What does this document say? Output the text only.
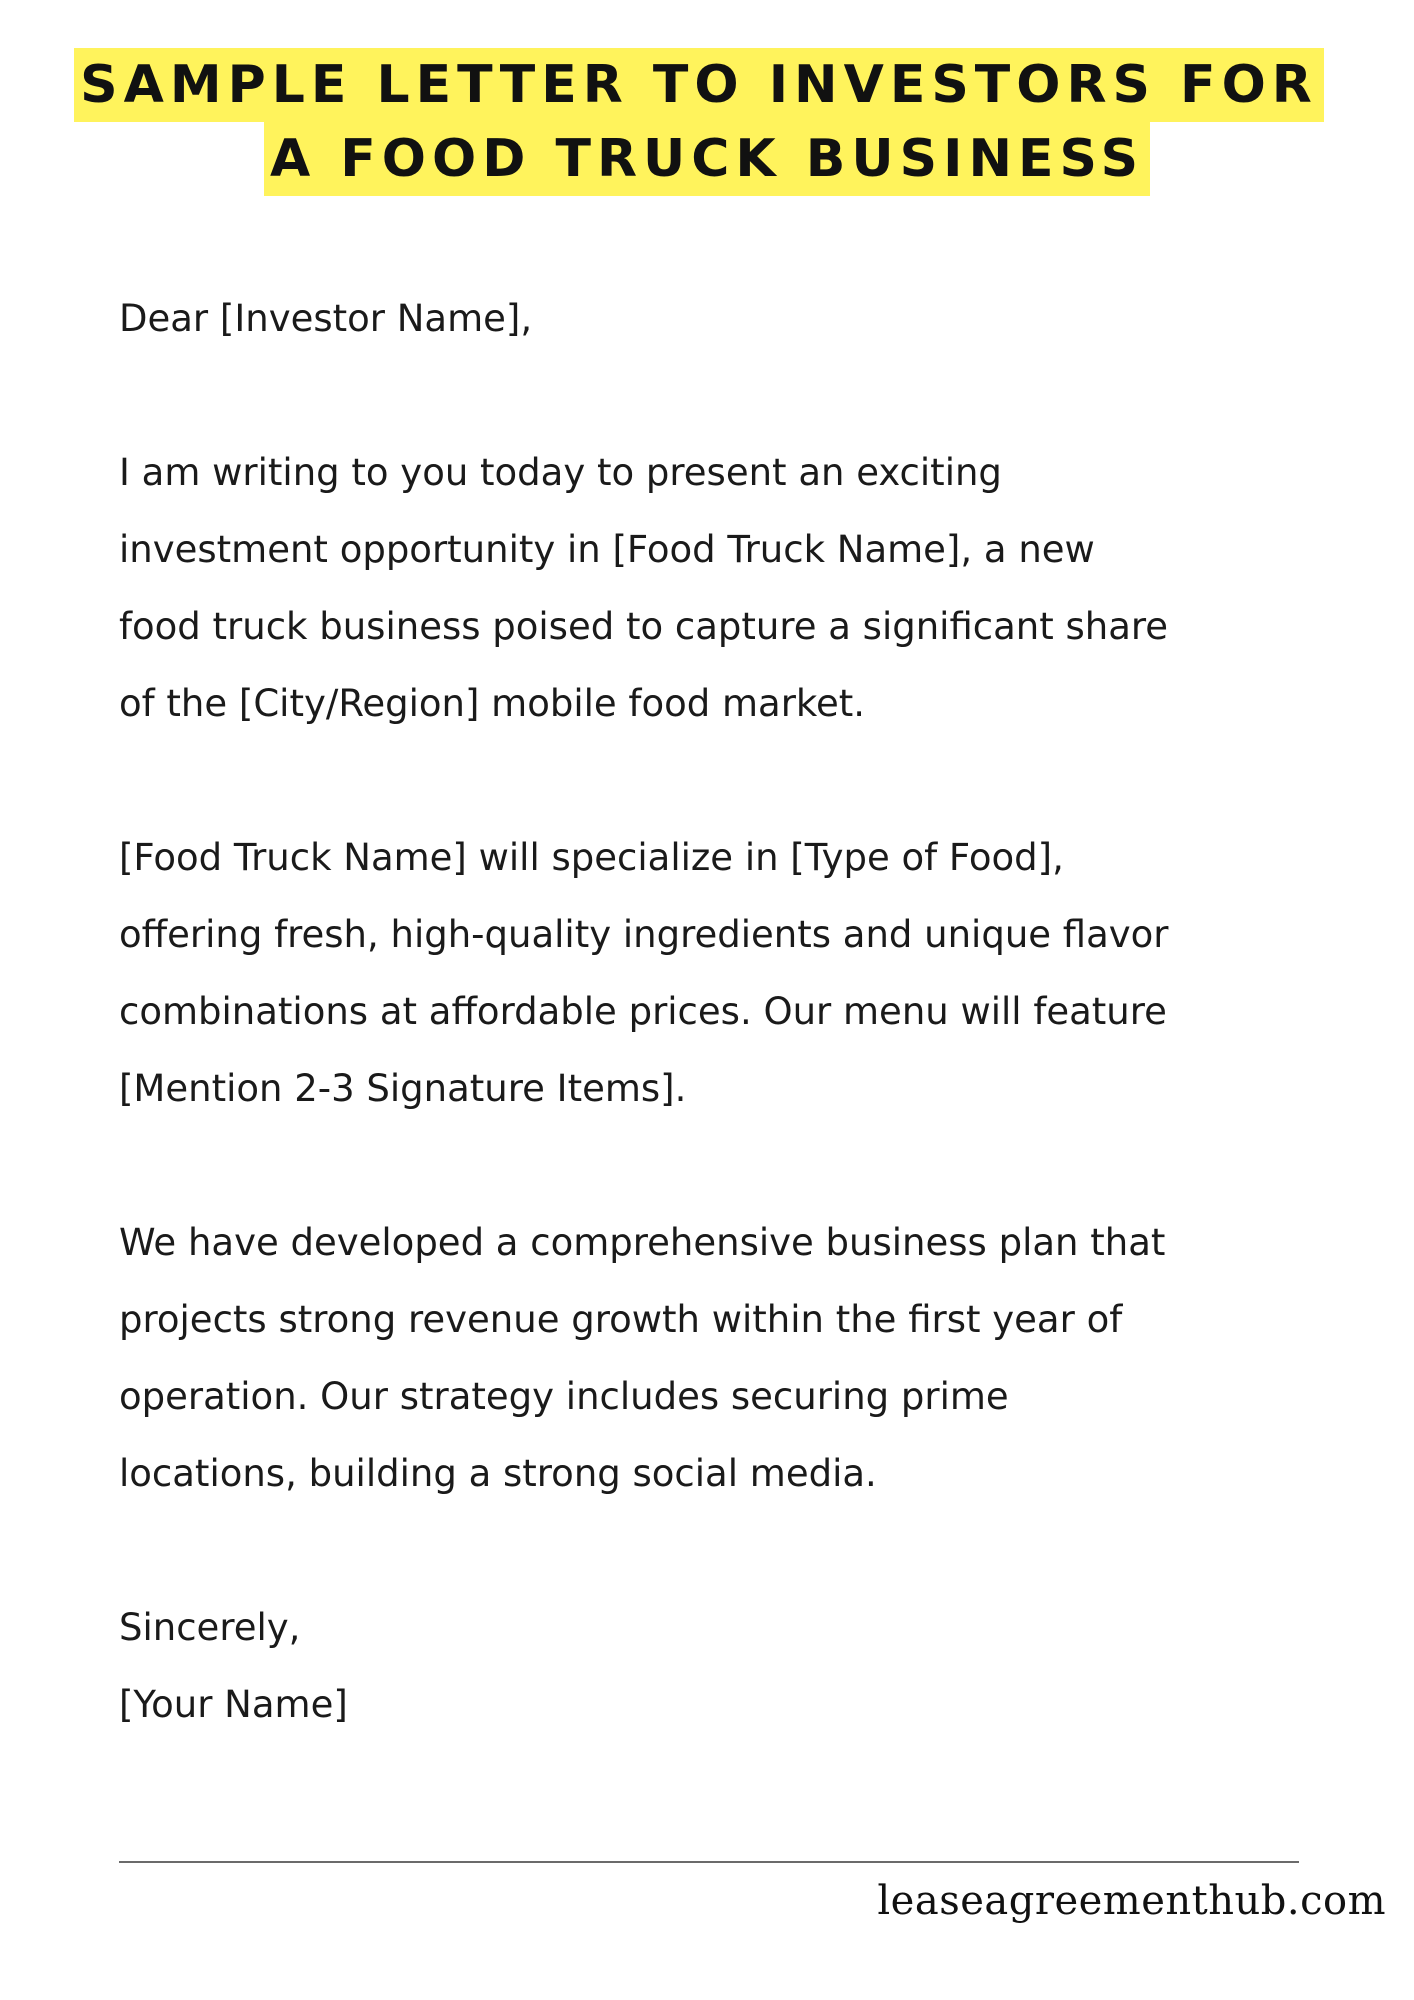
SAMPLE LETTER TO INVESTORS FOR
A FOOD TRUCK BUSINESS

Dear [Investor Name],

I am writing to you today to present an exciting
investment opportunity in [Food Truck Name], a new
food truck business poised to capture a significant share
of the [City/Region] mobile food market.

[Food Truck Name] will specialize in [Type of Food],
offering fresh, high-quality ingredients and unique flavor
combinations at affordable prices. Our menu will feature
[Mention 2-3 Signature Items].

We have developed a comprehensive business plan that
projects strong revenue growth within the first year of
operation. Our strategy includes securing prime
locations, building a strong social media.

Sincerely,

[Your Name]

leaseagreementhub.com
